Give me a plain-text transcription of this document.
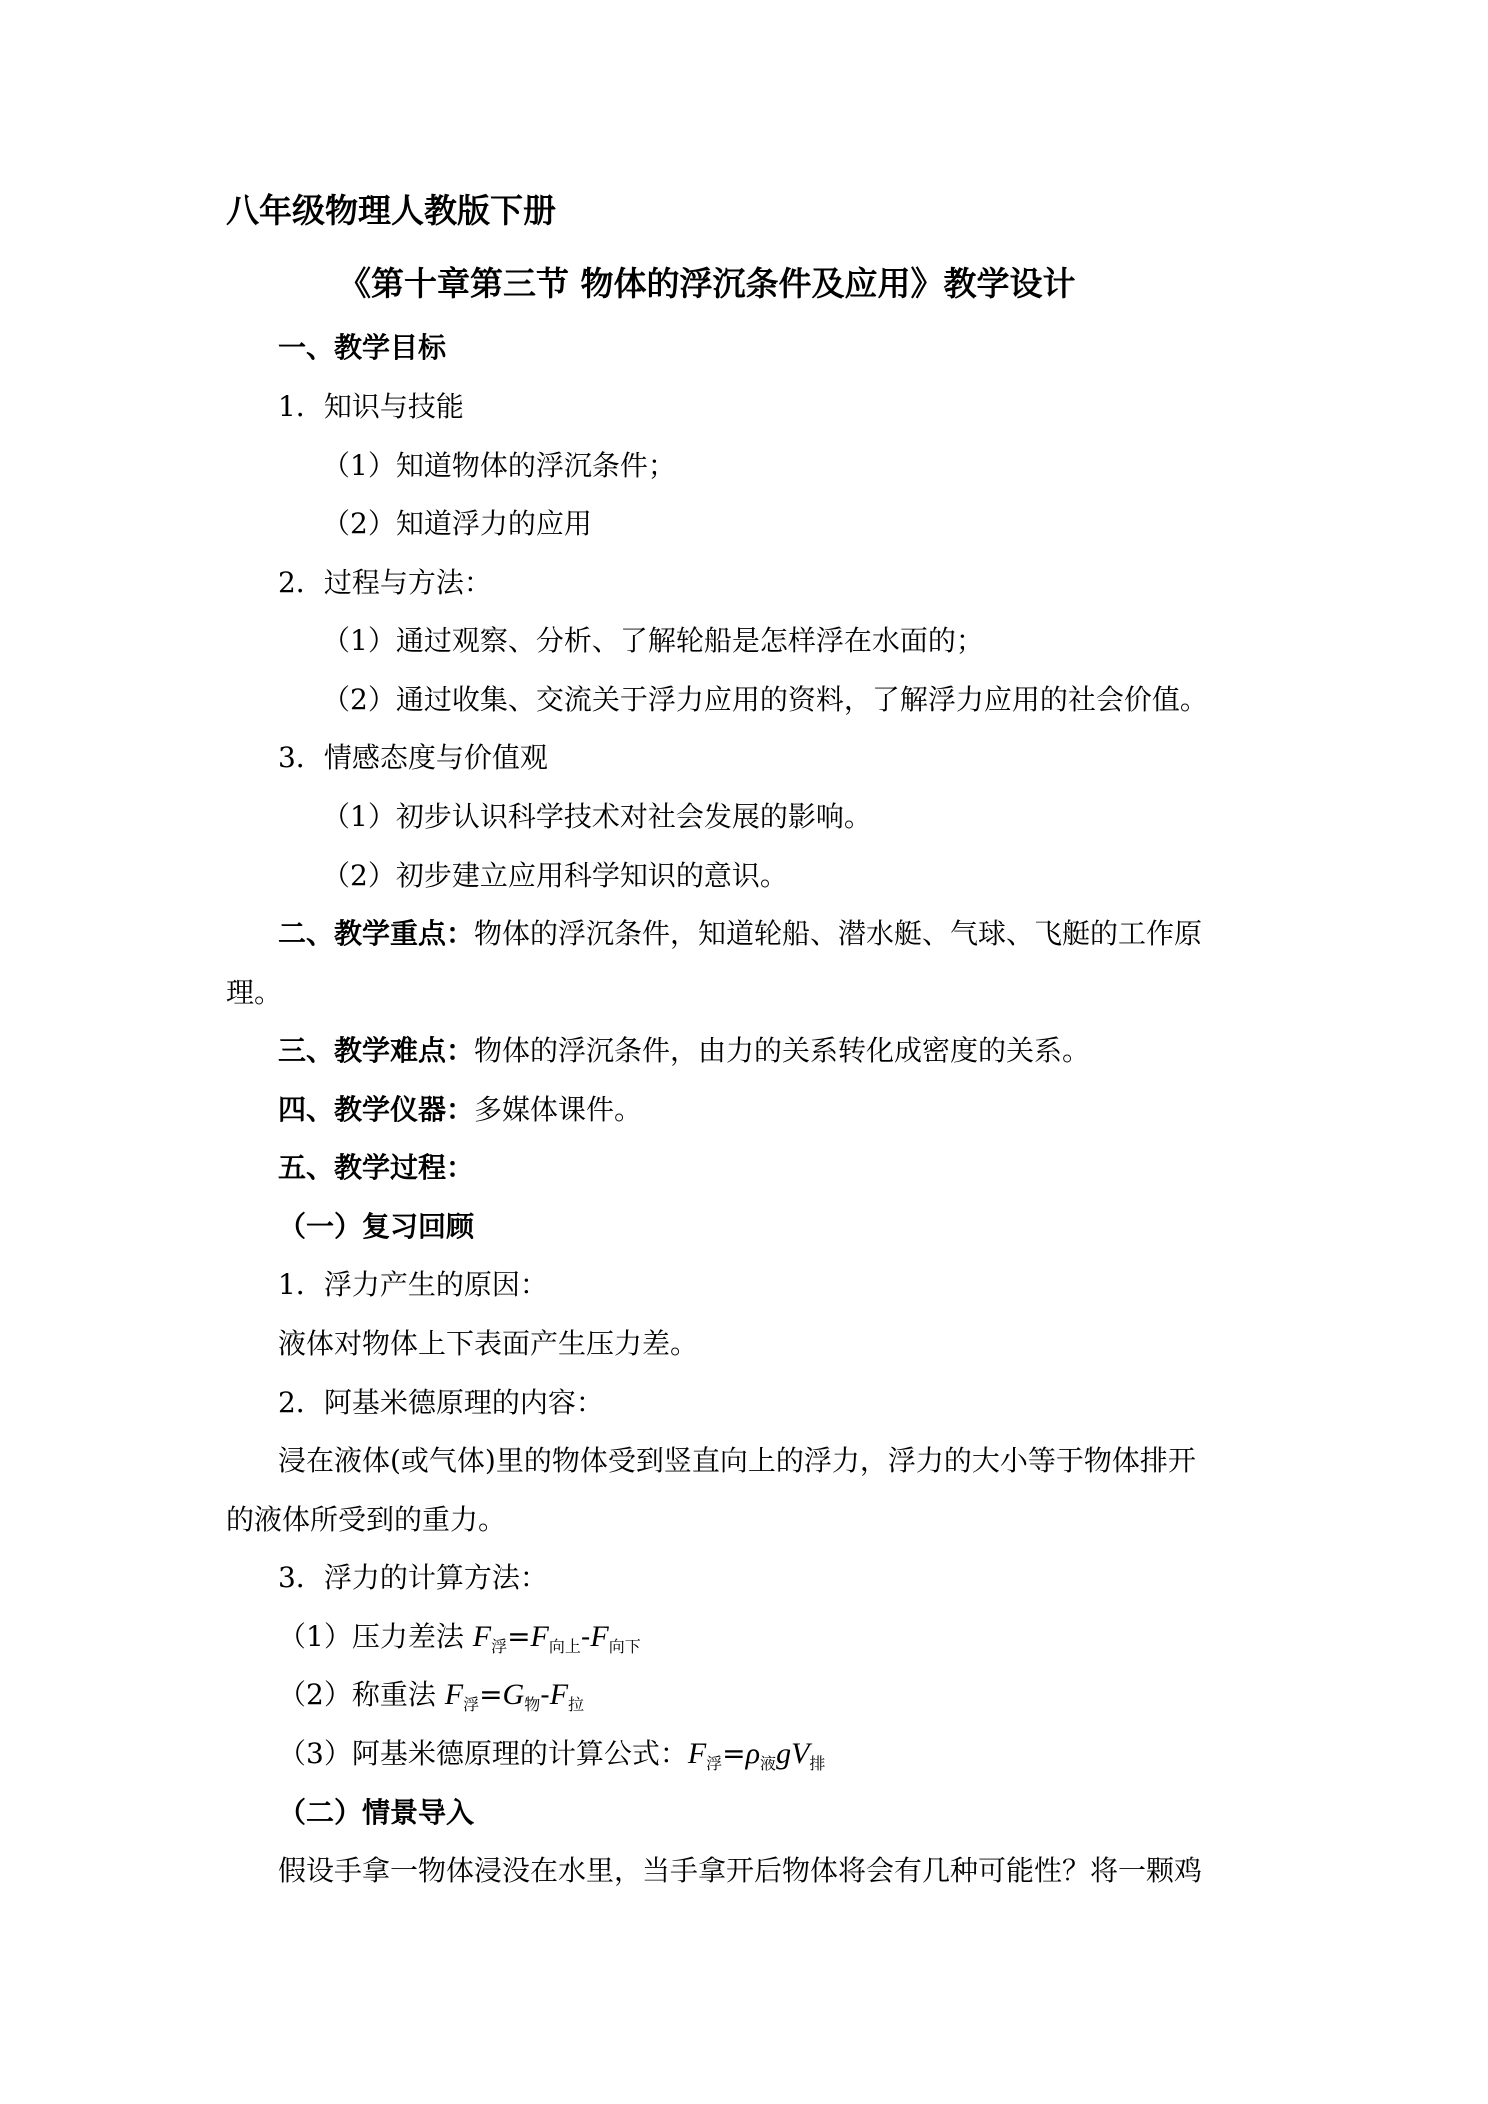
八年级物理人教版下册
《第十章第三节 物体的浮沉条件及应用》教学设计
一、教学目标
1．知识与技能
（1）知道物体的浮沉条件；
（2）知道浮力的应用
2．过程与方法：
（1）通过观察、分析、了解轮船是怎样浮在水面的；
（2）通过收集、交流关于浮力应用的资料，了解浮力应用的社会价值。
3．情感态度与价值观
（1）初步认识科学技术对社会发展的影响。
（2）初步建立应用科学知识的意识。
二、教学重点：物体的浮沉条件，知道轮船、潜水艇、气球、飞艇的工作原
理。
三、教学难点：物体的浮沉条件，由力的关系转化成密度的关系。
四、教学仪器：多媒体课件。
五、教学过程：
（一）复习回顾
1．浮力产生的原因：
液体对物体上下表面产生压力差。
2．阿基米德原理的内容：
浸在液体(或气体)里的物体受到竖直向上的浮力，浮力的大小等于物体排开
的液体所受到的重力。
3．浮力的计算方法：
（1）压力差法 $F_浮=F_{向上}-F_{向下}$
（2）称重法 $F_浮=G_物-F_拉$
（3）阿基米德原理的计算公式：$F_浮=\rho_液gV_排$
（二）情景导入
假设手拿一物体浸没在水里，当手拿开后物体将会有几种可能性？将一颗鸡
